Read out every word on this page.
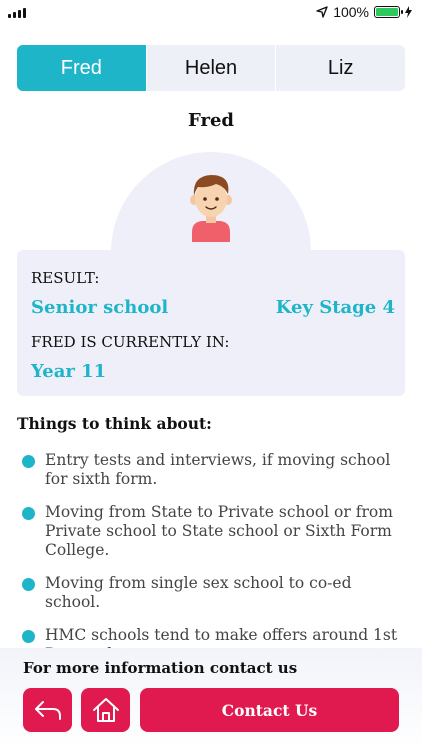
100%
Fred	Helen	Liz
Fred
RESULT:
Senior school	Key Stage 4
FRED IS CURRENTLY IN:
Year 11
Things to think about:
Entry tests and interviews, if moving school for sixth form.
Moving from State to Private school or from Private school to State school or Sixth Form College.
Moving from single sex school to co-ed school.
HMC schools tend to make offers around 1st
For more information contact us
Contact Us
